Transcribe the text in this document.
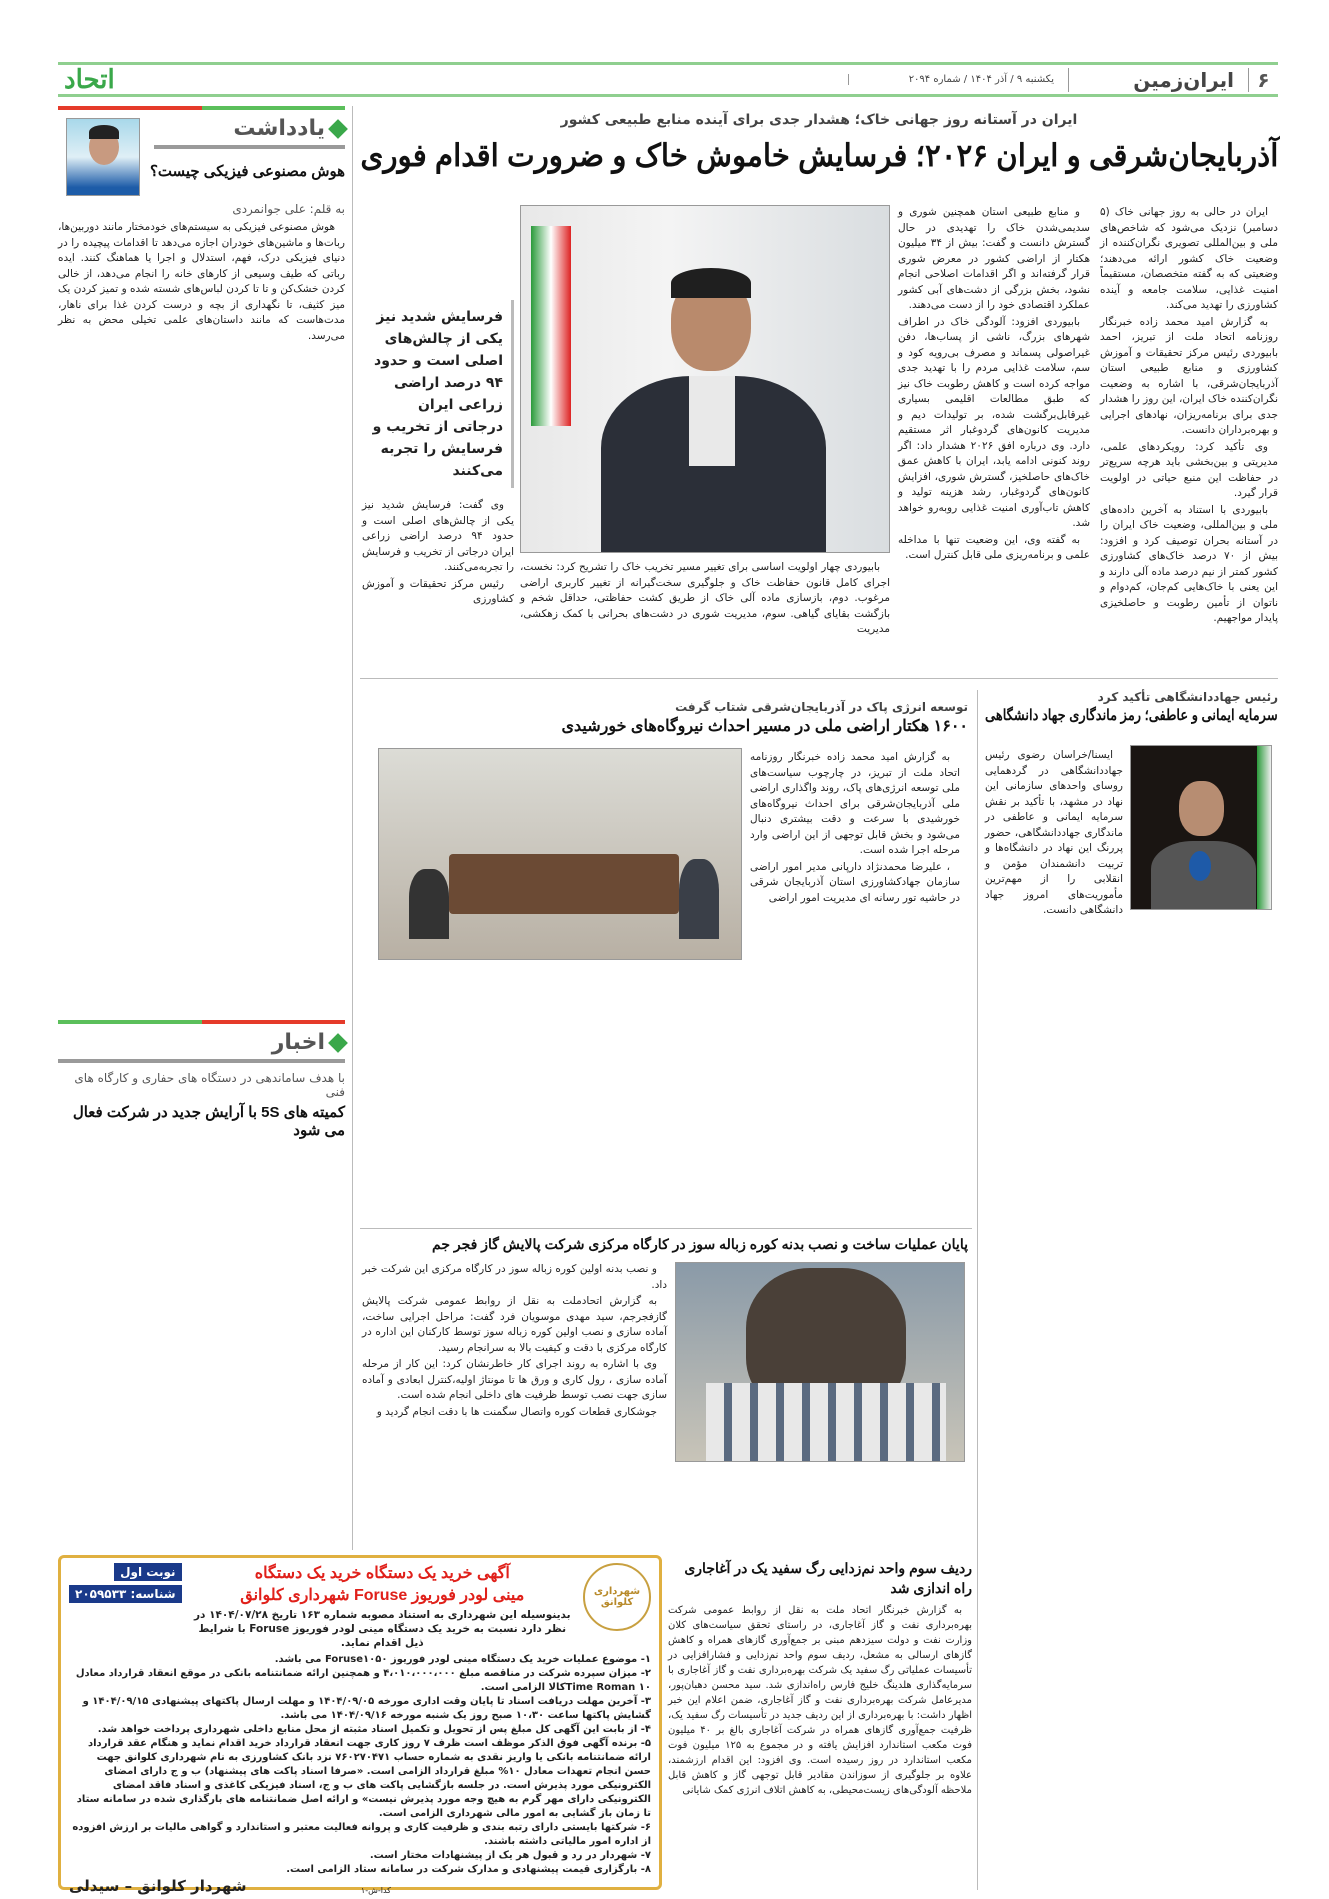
۶
ایران‌زمین
یکشنبه ۹ / آذر ۱۴۰۴ / شماره ۲۰۹۴
اتحاد
یادداشت
هوش مصنوعی فیزیکی چیست؟
به قلم: علی جوانمردی

هوش مصنوعی فیزیکی به سیستم‌های خودمختار مانند دوربین‌ها، ربات‌ها و ماشین‌های خودران اجازه می‌دهد تا اقدامات پیچیده را در دنیای فیزیکی درک، فهم، استدلال و اجرا یا هماهنگ کنند. ایده رباتی که طیف وسیعی از کارهای خانه را انجام می‌دهد، از خالی کردن خشک‌کن و تا تا کردن لباس‌های شسته شده و تمیز کردن یک میز کثیف، تا نگهداری از بچه و درست کردن غذا برای ناهار، مدت‌هاست که مانند داستان‌های علمی تخیلی محض به نظر می‌رسد.

اخبار
با هدف ساماندهی در دستگاه های حفاری و کارگاه های فنی
کمیته های 5S با آرایش جدید در شرکت فعال می شود
ایران در آستانه روز جهانی خاک؛ هشدار جدی برای آینده منابع طبیعی کشور
آذربایجان‌شرقی و ایران ۲۰۲۶؛ فرسایش خاموش خاک و ضرورت اقدام فوری

ایران در حالی به روز جهانی خاک (۵ دسامبر) نزدیک می‌شود که شاخص‌های ملی و بین‌المللی تصویری نگران‌کننده از وضعیت خاک کشور ارائه می‌دهند؛ وضعیتی که به گفته متخصصان، مستقیماً امنیت غذایی، سلامت جامعه و آینده کشاورزی را تهدید می‌کند.

به گزارش امید محمد زاده خبرنگار روزنامه اتحاد ملت از تبریز، احمد بابیوردی رئیس مرکز تحقیقات و آموزش کشاورزی و منابع طبیعی استان آذربایجان‌شرقی، با اشاره به وضعیت نگران‌کننده خاک ایران، این روز را هشدار جدی برای برنامه‌ریزان، نهادهای اجرایی و بهره‌برداران دانست.

وی تأکید کرد: رویکردهای علمی، مدیریتی و بین‌بخشی باید هرچه سریع‌تر در حفاظت این منبع حیاتی در اولویت قرار گیرد.

بابیوردی با استناد به آخرین داده‌های ملی و بین‌المللی، وضعیت خاک ایران را در آستانه بحران توصیف کرد و افزود: بیش از ۷۰ درصد خاک‌های کشاورزی کشور کمتر از نیم درصد ماده آلی دارند و این یعنی با خاک‌هایی کم‌جان، کم‌دوام و ناتوان از تأمین رطوبت و حاصلخیزی پایدار مواجهیم.

و منابع طبیعی استان همچنین شوری و سدیمی‌شدن خاک را تهدیدی در حال گسترش دانست و گفت: بیش از ۳۴ میلیون هکتار از اراضی کشور در معرض شوری قرار گرفته‌اند و اگر اقدامات اصلاحی انجام نشود، بخش بزرگی از دشت‌های آبی کشور عملکرد اقتصادی خود را از دست می‌دهند.

بابیوردی افزود: آلودگی خاک در اطراف شهرهای بزرگ، ناشی از پساب‌ها، دفن غیراصولی پسماند و مصرف بی‌رویه کود و سم، سلامت غذایی مردم را با تهدید جدی مواجه کرده است و کاهش رطوبت خاک نیز که طبق مطالعات اقلیمی بسیاری غیرقابل‌برگشت شده، بر تولیدات دیم و مدیریت کانون‌های گردوغبار اثر مستقیم دارد. وی درباره افق ۲۰۲۶ هشدار داد: اگر روند کنونی ادامه یابد، ایران با کاهش عمق خاک‌های حاصلخیز، گسترش شوری، افزایش کانون‌های گردوغبار، رشد هزینه تولید و کاهش تاب‌آوری امنیت غذایی روبه‌رو خواهد شد.

به گفته وی، این وضعیت تنها با مداخله علمی و برنامه‌ریزی ملی قابل کنترل است.

بابیوردی چهار اولویت اساسی برای تغییر مسیر تخریب خاک را تشریح کرد: نخست، اجرای کامل قانون حفاظت خاک و جلوگیری سخت‌گیرانه از تغییر کاربری اراضی مرغوب. دوم، بازسازی ماده آلی خاک از طریق کشت حفاظتی، حداقل شخم و بازگشت بقایای گیاهی. سوم، مدیریت شوری در دشت‌های بحرانی با کمک زهکشی، مدیریت

فرسایش شدید نیز یکی از چالش‌های اصلی است و حدود ۹۴ درصد اراضی زراعی ایران درجاتی از تخریب و فرسایش را تجربه می‌کنند

وی گفت: فرسایش شدید نیز یکی از چالش‌های اصلی است و حدود ۹۴ درصد اراضی زراعی ایران درجاتی از تخریب و فرسایش را تجربه‌می‌کنند.

رئیس مرکز تحقیقات و آموزش کشاورزی

رئیس جهاددانشگاهی تأکید کرد
سرمایه ایمانی و عاطفی؛ رمز ماندگاری جهاد دانشگاهی

ایسنا/خراسان رضوی رئیس جهاددانشگاهی در گردهمایی روسای واحدهای سازمانی این نهاد در مشهد، با تأکید بر نقش سرمایه ایمانی و عاطفی در ماندگاری جهاددانشگاهی، حضور پررنگ این نهاد در دانشگاه‌ها و تربیت دانشمندان مؤمن و انقلابی را از مهم‌ترین مأموریت‌های امروز جهاد دانشگاهی دانست.

توسعه انرژی پاک در آذربایجان‌شرقی شتاب گرفت
۱۶۰۰ هکتار اراضی ملی در مسیر احداث نیروگاه‌های خورشیدی

به گزارش امید محمد زاده خبرنگار روزنامه اتحاد ملت از تبریز، در چارچوب سیاست‌های ملی توسعه انرژی‌های پاک، روند واگذاری اراضی ملی آذربایجان‌شرقی برای احداث نیروگاه‌های خورشیدی با سرعت و دقت بیشتری دنبال می‌شود و بخش قابل توجهی از این اراضی وارد مرحله اجرا شده است.

، علیرضا محمدنژاد دارپانی مدیر امور اراضی سازمان جهادکشاورزی استان آذربایجان شرقی در حاشیه تور رسانه ای مدیریت امور اراضی

پایان عملیات ساخت و نصب بدنه کوره زباله سوز در کارگاه مرکزی شرکت پالایش گاز فجر جم

و نصب بدنه اولین کوره زباله سوز در کارگاه مرکزی این شرکت خبر داد.

به گزارش اتحادملت به نقل از روابط عمومی شرکت پالایش گازفجرجم، سید مهدی موسویان فرد گفت: مراحل اجرایی ساخت، آماده سازی و نصب اولین کوره زباله سوز توسط کارکنان این اداره در کارگاه مرکزی با دقت و کیفیت بالا به سرانجام رسید.

وی با اشاره به روند اجرای کار خاطرنشان کرد: این کار از مرحله آماده سازی ، رول کاری و ورق ها تا مونتاژ اولیه،کنترل ابعادی و آماده سازی جهت نصب توسط ظرفیت های داخلی انجام شده است.

جوشکاری قطعات کوره واتصال سگمنت ها با دقت انجام گردید و

ردیف سوم واحد نم‌زدایی رگ سفید یک در آغاجاری راه اندازی شد

به گزارش خبرنگار اتحاد ملت به نقل از روابط عمومی شرکت بهره‌برداری نفت و گاز آغاجاری، در راستای تحقق سیاست‌های کلان وزارت نفت و دولت سیزدهم مبنی بر جمع‌آوری گازهای همراه و کاهش گازهای ارسالی به مشعل، ردیف سوم واحد نم‌زدایی و فشارافزایی در تأسیسات عملیاتی رگ سفید یک شرکت بهره‌برداری نفت و گاز آغاجاری با سرمایه‌گذاری هلدینگ خلیج فارس راه‌اندازی شد. سید محسن دهبان‌پور، مدیرعامل شرکت بهره‌برداری نفت و گاز آغاجاری، ضمن اعلام این خبر اظهار داشت: با بهره‌برداری از این ردیف جدید در تأسیسات رگ سفید یک، ظرفیت جمع‌آوری گازهای همراه در شرکت آغاجاری بالغ بر ۴۰ میلیون فوت مکعب استاندارد افزایش یافته و در مجموع به ۱۲۵ میلیون فوت مکعب استاندارد در روز رسیده است. وی افزود: این اقدام ارزشمند، علاوه بر جلوگیری از سوزاندن مقادیر قابل توجهی گاز و کاهش قابل ملاحظه آلودگی‌های زیست‌محیطی، به کاهش اتلاف انرژی کمک شایانی

شهرداری کلوانق
آگهی خرید یک دستگاه خرید یک دستگاه
مینی لودر فوریوز Foruse شهرداری کلوانق
بدینوسیله این شهرداری به استناد مصوبه شماره ۱۶۳ تاریخ ۱۴۰۴/۰۷/۲۸ در نظر دارد نسبت به خرید یک دستگاه مینی لودر فوریوز Foruse با شرایط ذیل اقدام نماید.
نوبت اول
شناسه: ۲۰۵۹۵۳۳
۱- موضوع عملیات خرید یک دستگاه مینی لودر فوریوز Foruse۱۰۵۰ می باشد.
۲- میزان سپرده شرکت در مناقصه مبلغ ۴،۰۱۰،۰۰۰،۰۰۰ و همچنین ارائه ضمانتنامه بانکی در موقع انعقاد قرارداد معادل Time Roman ۱۰کالا الزامی است.
۳- آخرین مهلت دریافت اسناد تا پایان وقت اداری مورخه ۱۴۰۴/۰۹/۰۵ و مهلت ارسال پاکتهای پیشنهادی ۱۴۰۴/۰۹/۱۵ و گشایش پاکتها ساعت ۱۰،۳۰ صبح روز یک شنبه مورخه ۱۴۰۴/۰۹/۱۶ می باشد.
۴- از بابت این آگهی کل مبلغ پس از تحویل و تکمیل اسناد مثبته از محل منابع داخلی شهرداری پرداخت خواهد شد.
۵- برنده آگهی فوق الذکر موظف است ظرف ۷ روز کاری جهت انعقاد قرارداد خرید اقدام نماید و هنگام عقد قرارداد ارائه ضمانتنامه بانکی یا واریز نقدی به شماره حساب ۷۶۰۲۷۰۴۷۱ نزد بانک کشاورزی به نام شهرداری کلوانق جهت حسن انجام تعهدات معادل ۱۰% مبلغ قرارداد الزامی است. «صرفا اسناد پاکت های پیشنهاد) ب و ج دارای امضای الکترونیکی مورد پذیرش است. در جلسه بازگشایی پاکت های ب و ج، اسناد فیزیکی کاغذی و اسناد فاقد امضای الکترونیکی دارای مهر گرم به هیچ وجه مورد پذیرش نیست» و ارائه اصل ضمانتنامه های بارگذاری شده در سامانه ستاد تا زمان باز گشایی به امور مالی شهرداری الزامی است.
۶- شرکتها بایستی دارای رتبه بندی و ظرفیت کاری و پروانه فعالیت معتبر و استاندارد و گواهی مالیات بر ارزش افزوده از اداره امور مالیاتی داشته باشند.
۷- شهردار در رد و قبول هر یک از پیشنهادات مختار است.
۸- بارگزاری قیمت پیشنهادی و مدارک شرکت در سامانه ستاد الزامی است.
شهردار کلوانق – سیدلی	کدا-ش-۱
